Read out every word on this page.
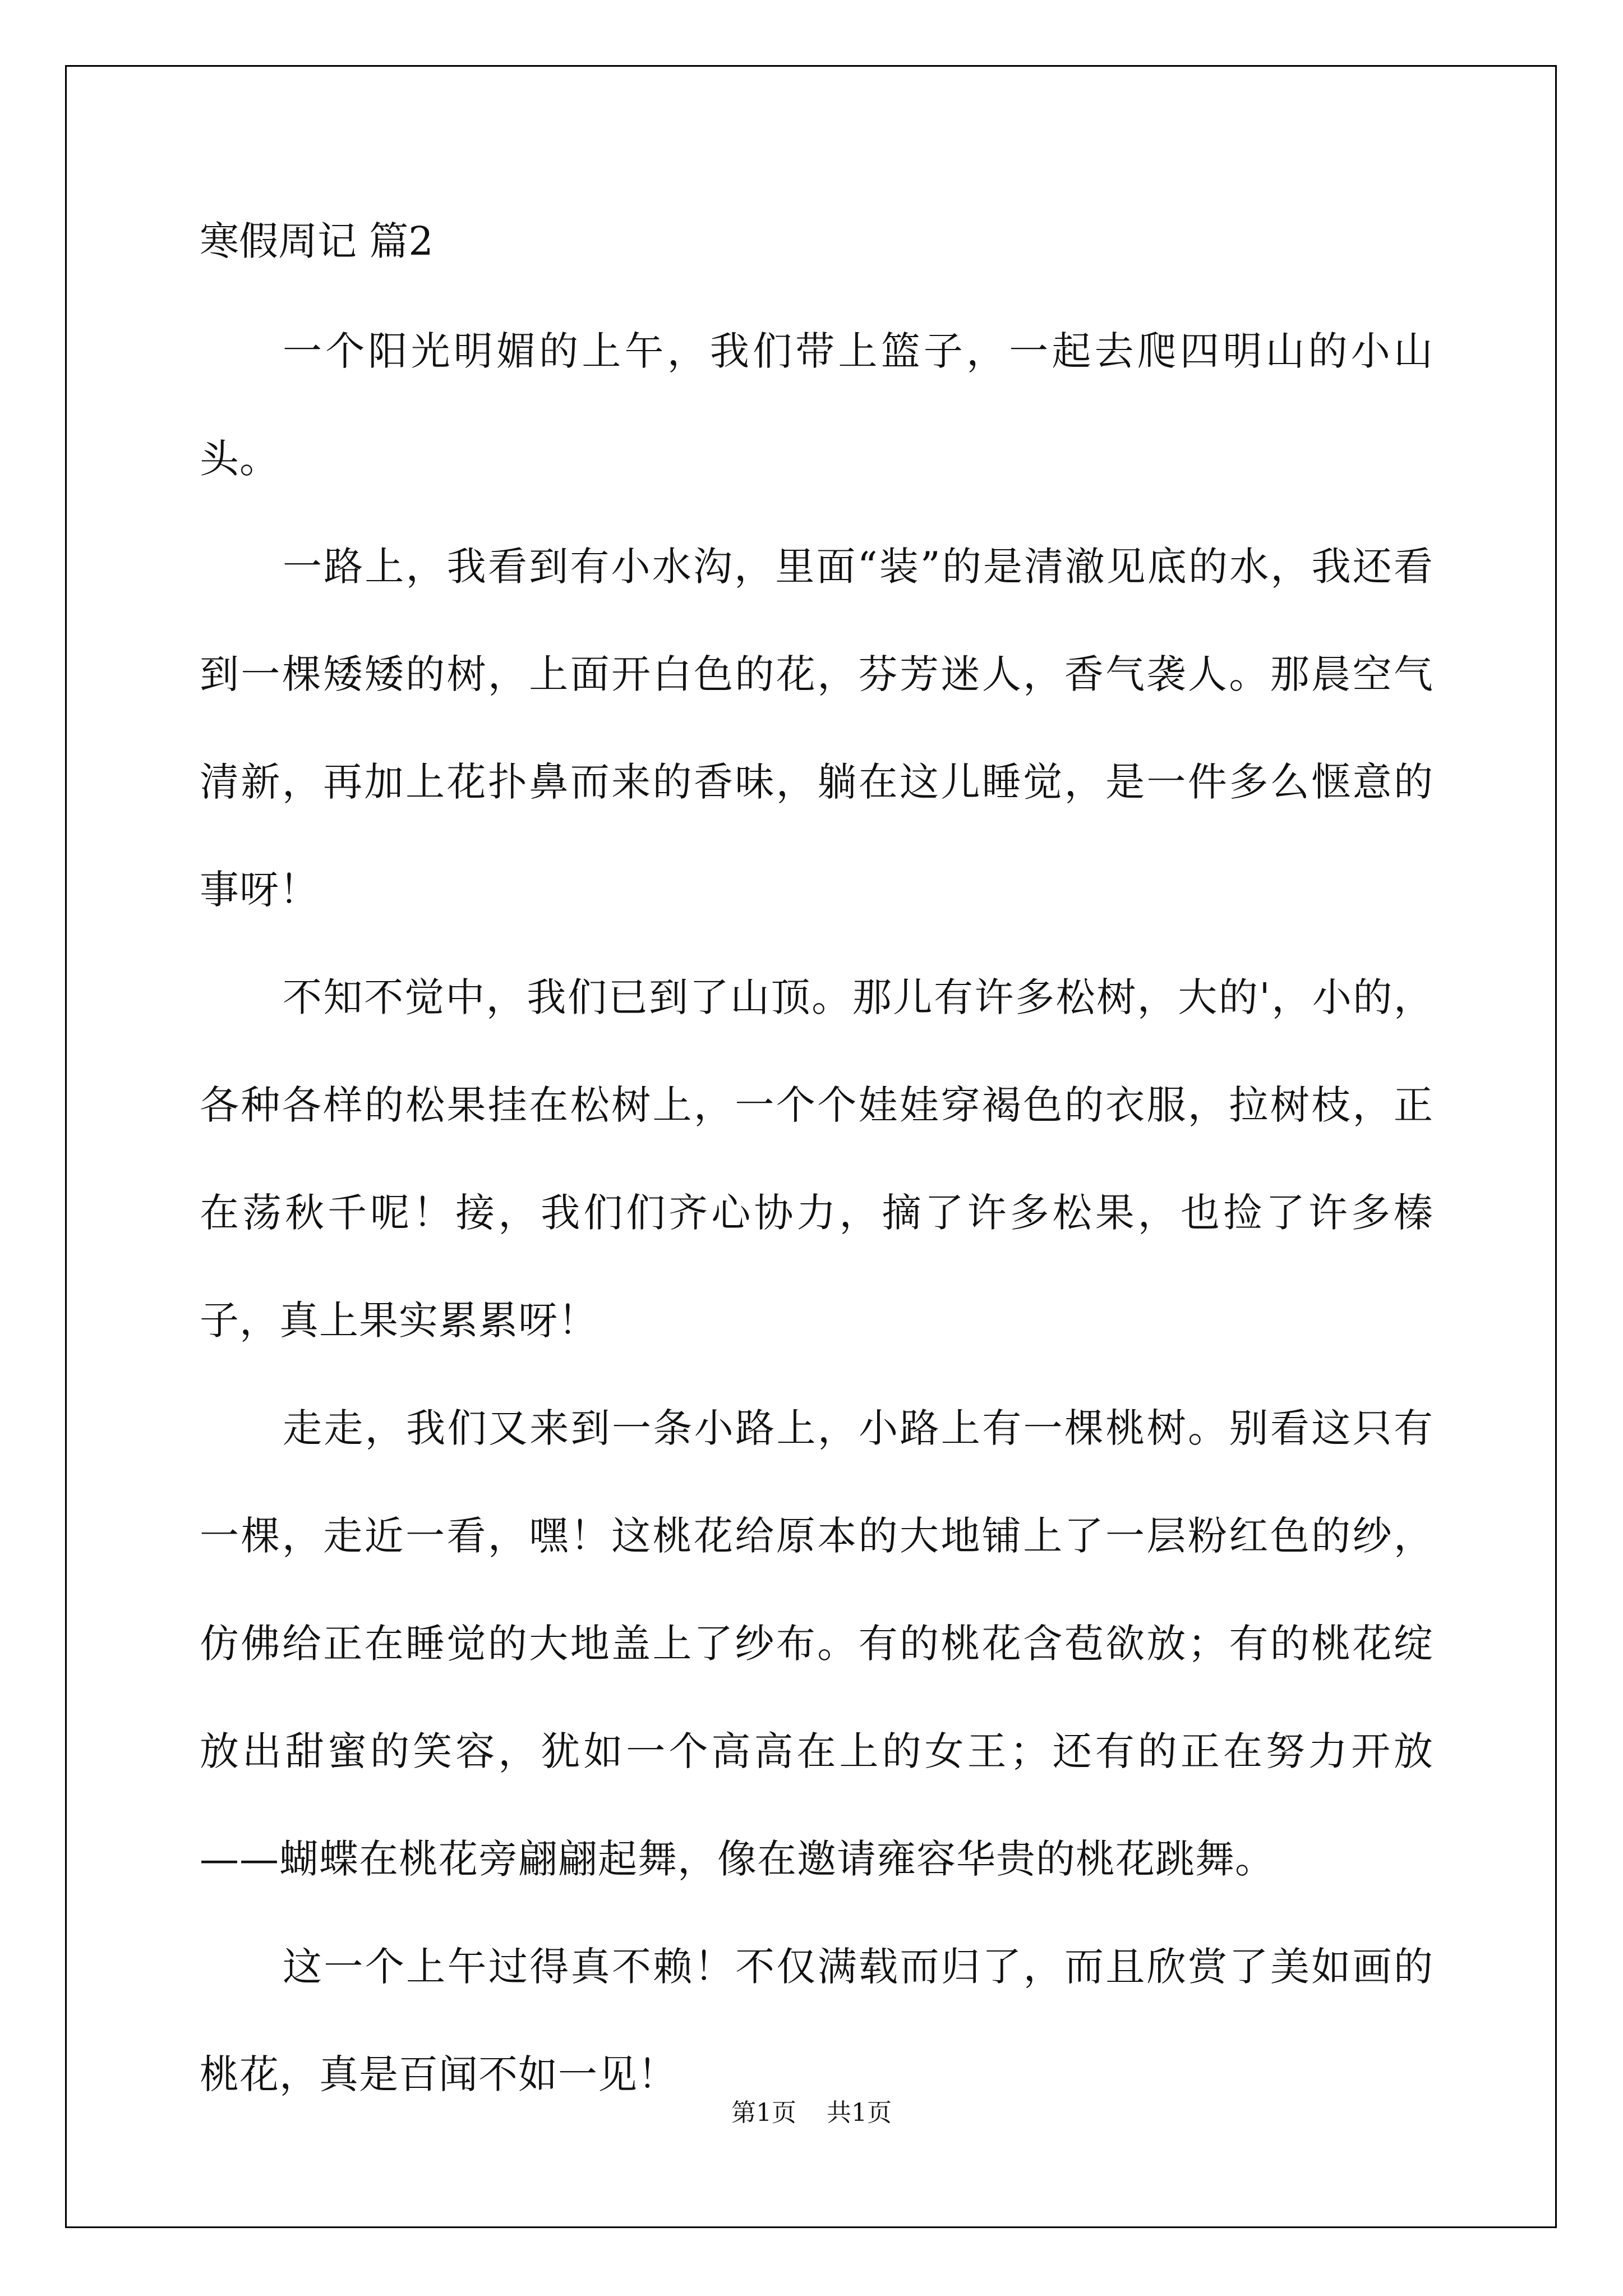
寒假周记 篇2

一个阳光明媚的上午，我们带上篮子，一起去爬四明山的小山头。

一路上，我看到有小水沟，里面“装”的是清澈见底的水，我还看到一棵矮矮的树，上面开白色的花，芬芳迷人，香气袭人。那晨空气清新，再加上花扑鼻而来的香味，躺在这儿睡觉，是一件多么惬意的事呀！

不知不觉中，我们已到了山顶。那儿有许多松树，大的'，小的，各种各样的松果挂在松树上，一个个娃娃穿褐色的衣服，拉树枝，正在荡秋千呢！接，我们们齐心协力，摘了许多松果，也捡了许多榛子，真上果实累累呀！

走走，我们又来到一条小路上，小路上有一棵桃树。别看这只有一棵，走近一看，嘿！这桃花给原本的大地铺上了一层粉红色的纱，仿佛给正在睡觉的大地盖上了纱布。有的桃花含苞欲放；有的桃花绽放出甜蜜的笑容，犹如一个高高在上的女王；还有的正在努力开放——蝴蝶在桃花旁翩翩起舞，像在邀请雍容华贵的桃花跳舞。

这一个上午过得真不赖！不仅满载而归了，而且欣赏了美如画的桃花，真是百闻不如一见！

第1页 共1页
